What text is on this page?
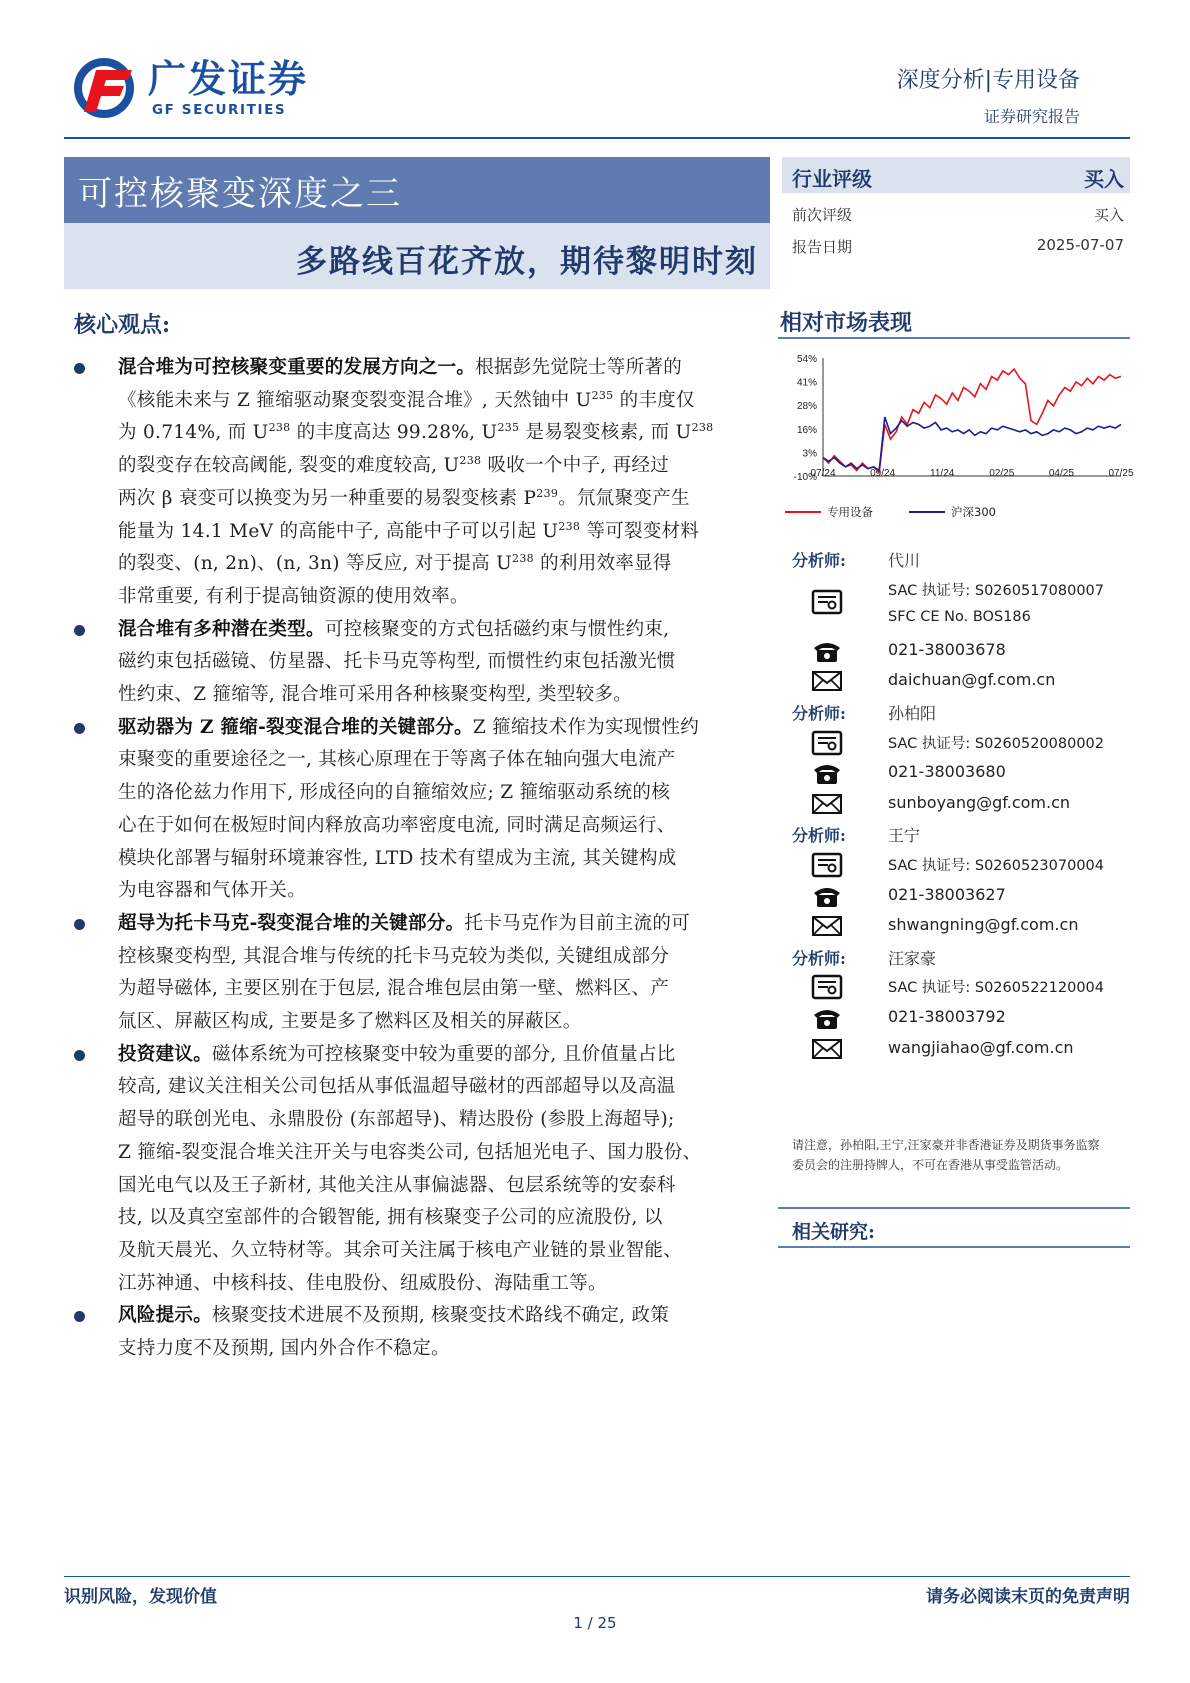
广发证券
GF SECURITIES
深度分析|专用设备
证券研究报告
可控核聚变深度之三
多路线百花齐放，期待黎明时刻
行业评级	买入
前次评级	买入
报告日期	2025-07-07
核心观点:
混合堆为可控核聚变重要的发展方向之一。根据彭先觉院士等所著的
《核能未来与 Z 箍缩驱动聚变裂变混合堆》, 天然铀中 $U^{235}$ 的丰度仅
为 0.714%, 而 $U^{238}$ 的丰度高达 99.28%, $U^{235}$ 是易裂变核素, 而 $U^{238}$
的裂变存在较高阈能, 裂变的难度较高, $U^{238}$ 吸收一个中子, 再经过
两次 β 衰变可以换变为另一种重要的易裂变核素 $P^{239}$。氘氚聚变产生
能量为 14.1 MeV 的高能中子, 高能中子可以引起 $U^{238}$ 等可裂变材料
的裂变、(n, 2n)、(n, 3n) 等反应, 对于提高 $U^{238}$ 的利用效率显得
非常重要, 有利于提高铀资源的使用效率。
混合堆有多种潜在类型。可控核聚变的方式包括磁约束与惯性约束,
磁约束包括磁镜、仿星器、托卡马克等构型, 而惯性约束包括激光惯
性约束、Z 箍缩等, 混合堆可采用各种核聚变构型, 类型较多。
驱动器为 Z 箍缩-裂变混合堆的关键部分。Z 箍缩技术作为实现惯性约
束聚变的重要途径之一, 其核心原理在于等离子体在轴向强大电流产
生的洛伦兹力作用下, 形成径向的自箍缩效应; Z 箍缩驱动系统的核
心在于如何在极短时间内释放高功率密度电流, 同时满足高频运行、
模块化部署与辐射环境兼容性, LTD 技术有望成为主流, 其关键构成
为电容器和气体开关。
超导为托卡马克-裂变混合堆的关键部分。托卡马克作为目前主流的可
控核聚变构型, 其混合堆与传统的托卡马克较为类似, 关键组成部分
为超导磁体, 主要区别在于包层, 混合堆包层由第一壁、燃料区、产
氚区、屏蔽区构成, 主要是多了燃料区及相关的屏蔽区。
投资建议。磁体系统为可控核聚变中较为重要的部分, 且价值量占比
较高, 建议关注相关公司包括从事低温超导磁材的西部超导以及高温
超导的联创光电、永鼎股份 (东部超导)、精达股份 (参股上海超导);
Z 箍缩-裂变混合堆关注开关与电容类公司, 包括旭光电子、国力股份、
国光电气以及王子新材, 其他关注从事偏滤器、包层系统等的安泰科
技, 以及真空室部件的合锻智能, 拥有核聚变子公司的应流股份, 以
及航天晨光、久立特材等。其余可关注属于核电产业链的景业智能、
江苏神通、中核科技、佳电股份、纽威股份、海陆重工等。
风险提示。核聚变技术进展不及预期, 核聚变技术路线不确定, 政策
支持力度不及预期, 国内外合作不稳定。
相对市场表现
54%
41%
28%
16%
3%
-10%
07/24	09/24	11/24	02/25	04/25	07/25
专用设备	沪深300
分析师:	代川
SAC 执证号: S0260517080007
SFC CE No. BOS186
021-38003678
daichuan@gf.com.cn
分析师:	孙柏阳
SAC 执证号: S0260520080002
021-38003680
sunboyang@gf.com.cn
分析师:	王宁
SAC 执证号: S0260523070004
021-38003627
shwangning@gf.com.cn
分析师:	汪家豪
SAC 执证号: S0260522120004
021-38003792
wangjiahao@gf.com.cn
请注意，孙柏阳,王宁,汪家豪并非香港证券及期货事务监察
委员会的注册持牌人，不可在香港从事受监管活动。
相关研究:
识别风险，发现价值	请务必阅读末页的免责声明
1 / 25
